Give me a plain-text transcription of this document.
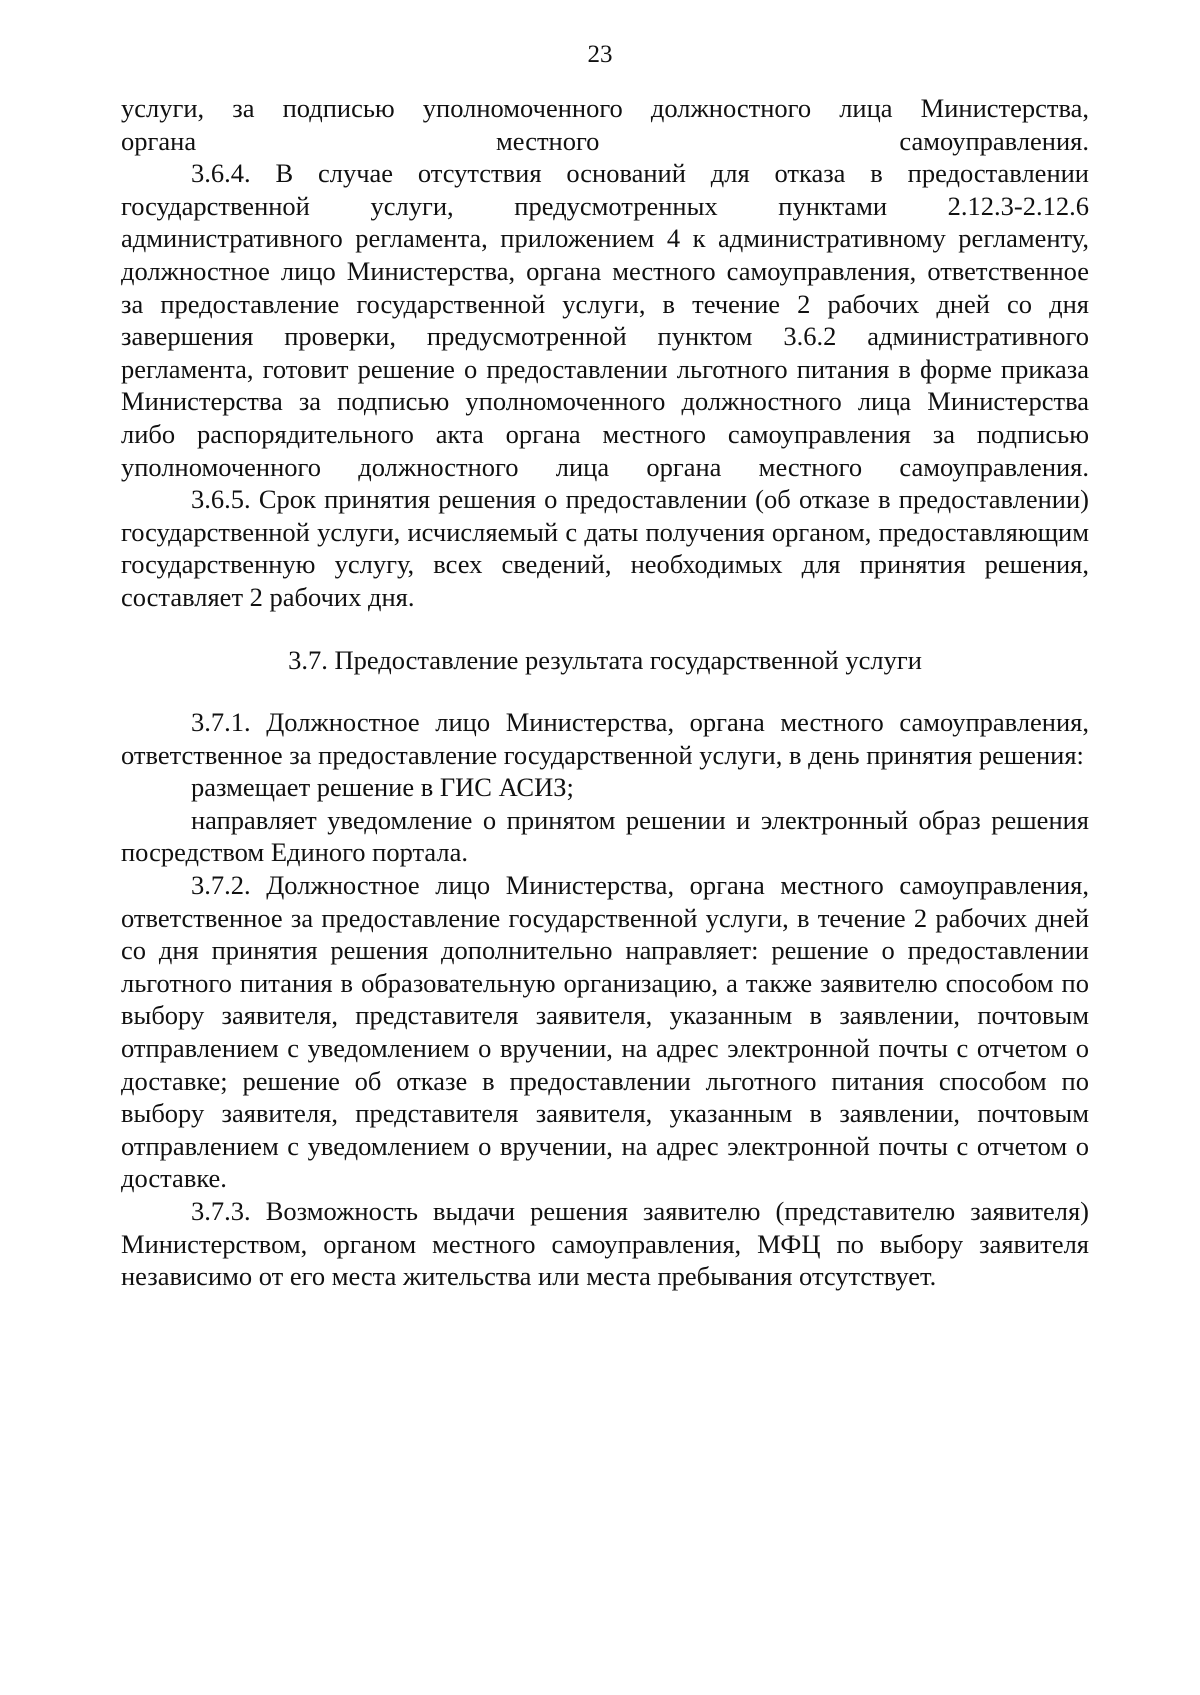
23

услуги, за подписью уполномоченного должностного лица Министерства,

органа местного самоуправления.

3.6.4. В случае отсутствия оснований для отказа в предоставлении государственной услуги, предусмотренных пунктами 2.12.3-2.12.6 административного регламента, приложением 4 к административному регламенту, должностное лицо Министерства, органа местного самоуправления, ответственное за предоставление государственной услуги, в течение 2 рабочих дней со дня завершения проверки, предусмотренной пунктом 3.6.2 административного регламента, готовит решение о предоставлении льготного питания в форме приказа Министерства за подписью уполномоченного должностного лица Министерства либо распорядительного акта органа местного самоуправления за подписью уполномоченного должностного лица органа местного самоуправления.

3.6.5. Срок принятия решения о предоставлении (об отказе в предоставлении) государственной услуги, исчисляемый с даты получения органом, предоставляющим государственную услугу, всех сведений, необходимых для принятия решения, составляет 2 рабочих дня.

3.7. Предоставление результата государственной услуги

3.7.1. Должностное лицо Министерства, органа местного самоуправления, ответственное за предоставление государственной услуги, в день принятия решения:

размещает решение в ГИС АСИЗ;

направляет уведомление о принятом решении и электронный образ решения посредством Единого портала.

3.7.2. Должностное лицо Министерства, органа местного самоуправления, ответственное за предоставление государственной услуги, в течение 2 рабочих дней со дня принятия решения дополнительно направляет: решение о предоставлении льготного питания в образовательную организацию, а также заявителю способом по выбору заявителя, представителя заявителя, указанным в заявлении, почтовым отправлением с уведомлением о вручении, на адрес электронной почты с отчетом о доставке; решение об отказе в предоставлении льготного питания способом по выбору заявителя, представителя заявителя, указанным в заявлении, почтовым отправлением с уведомлением о вручении, на адрес электронной почты с отчетом о доставке.

3.7.3. Возможность выдачи решения заявителю (представителю заявителя) Министерством, органом местного самоуправления, МФЦ по выбору заявителя независимо от его места жительства или места пребывания отсутствует.
